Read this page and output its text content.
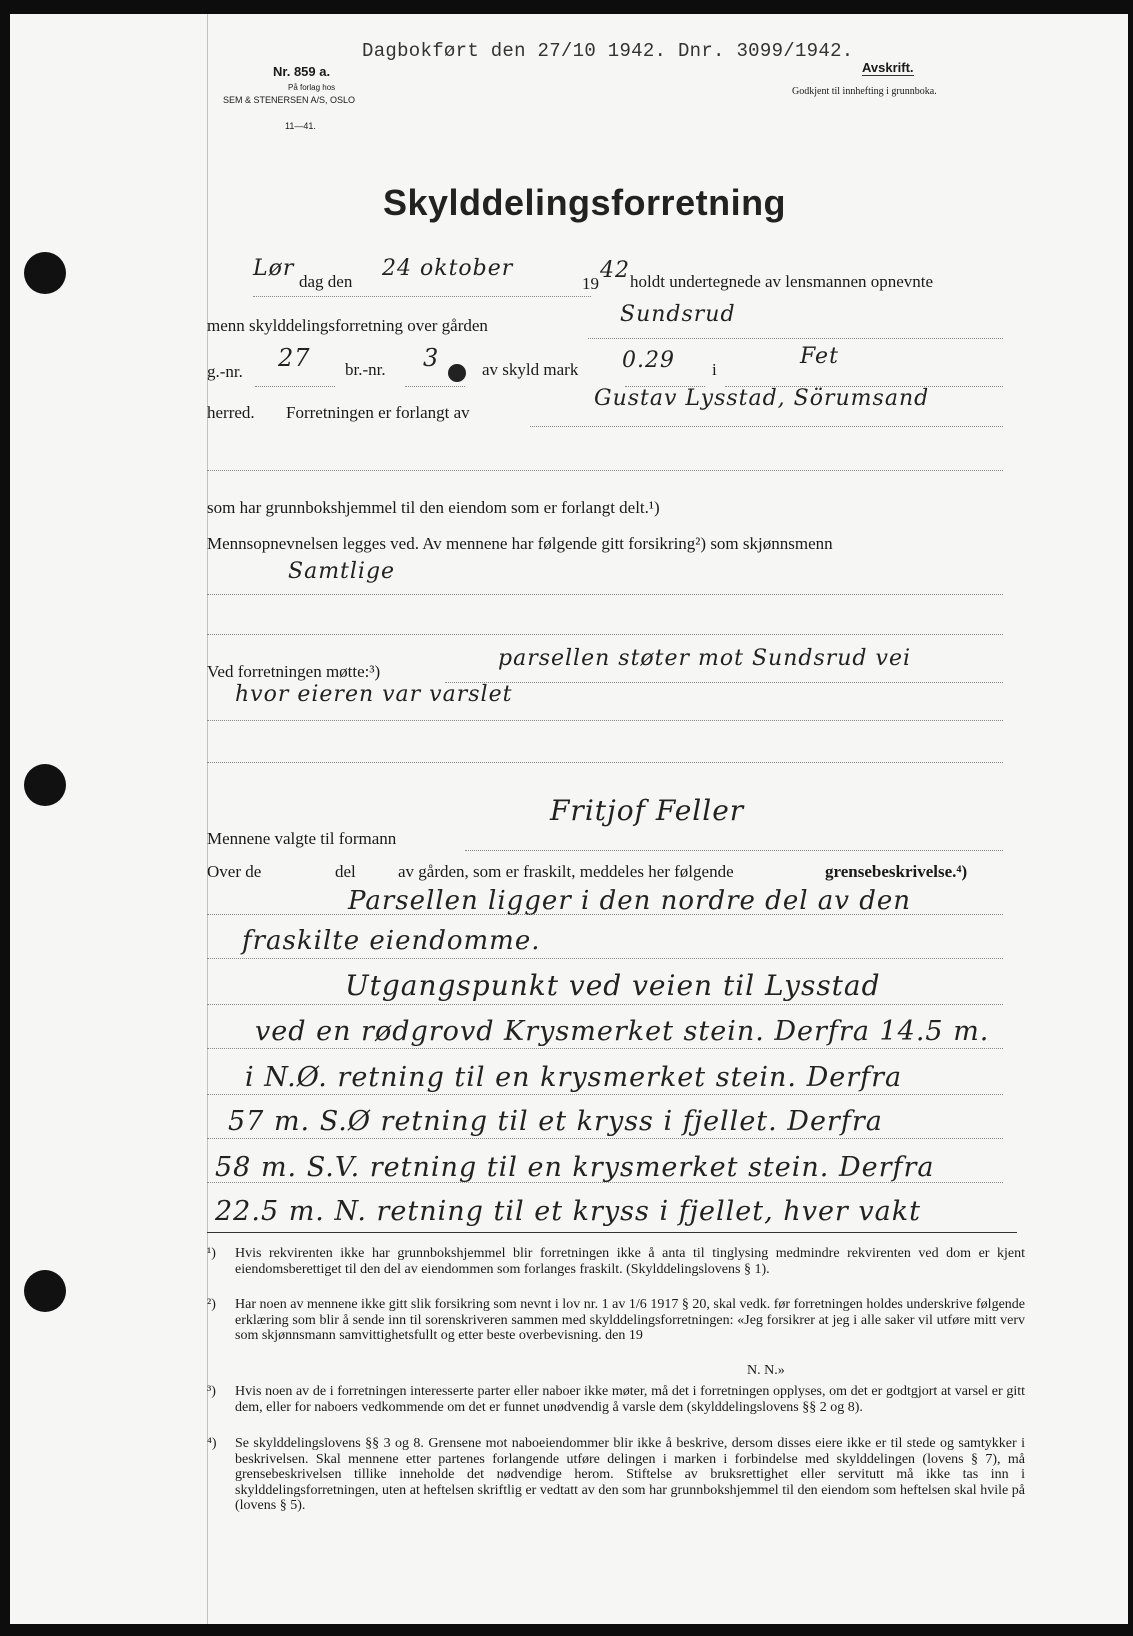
Dagbokført den 27/10 1942. Dnr. 3099/1942.
Nr. 859 a.
På forlag hos
SEM & STENERSEN A/S, OSLO
11—41.
Avskrift.
Godkjent til innhefting i grunnboka.
Skylddelingsforretning
Lør
dag den
24 oktober
19
42 holdt undertegnede av lensmannen opnevnte
menn skylddelingsforretning over gården	Sundsrud
g.-nr. 27 br.-nr. 3	av skyld mark 0.29 i
Fet
herred. Forretningen er forlangt av
Gustav Lysstad, Sörumsand
som har grunnbokshjemmel til den eiendom som er forlangt delt.¹)
Mennsopnevnelsen legges ved. Av mennene har følgende gitt forsikring²) som skjønnsmenn
Samtlige
Ved forretningen møtte:³)
parsellen støter mot Sundsrud vei
hvor eieren var varslet
Mennene valgte til formann
Fritjof Feller
Over de	del av gården, som er fraskilt, meddeles her følgende	grensebeskrivelse.⁴)
Parsellen ligger i den nordre del av den
fraskilte eiendomme.
Utgangspunkt ved veien til Lysstad
ved en rødgrovd Krysmerket stein. Derfra 14.5 m.
i N.Ø. retning til en krysmerket stein. Derfra
57 m. S.Ø retning til et kryss i fjellet. Derfra
58 m. S.V. retning til en krysmerket stein. Derfra
22.5 m. N. retning til et kryss i fjellet, hver vakt
¹) Hvis rekvirenten ikke har grunnbokshjemmel blir forretningen ikke å anta til tinglysing medmindre rekvirenten ved dom er kjent eiendomsberettiget til den del av eiendommen som forlanges fraskilt. (Skylddelingslovens § 1).
²) Har noen av mennene ikke gitt slik forsikring som nevnt i lov nr. 1 av 1/6 1917 § 20, skal vedk. før forretningen holdes underskrive følgende erklæring som blir å sende inn til sorenskriveren sammen med skylddelingsforretningen: «Jeg forsikrer at jeg i alle saker vil utføre mitt verv som skjønnsmann samvittighetsfullt og etter beste overbevisning. den 19
N. N.»
³) Hvis noen av de i forretningen interesserte parter eller naboer ikke møter, må det i forretningen opplyses, om det er godtgjort at varsel er gitt dem, eller for naboers vedkommende om det er funnet unødvendig å varsle dem (skylddelingslovens §§ 2 og 8).
⁴) Se skylddelingslovens §§ 3 og 8. Grensene mot naboeiendommer blir ikke å beskrive, dersom disses eiere ikke er til stede og samtykker i beskrivelsen. Skal mennene etter partenes forlangende utføre delingen i marken i forbindelse med skylddelingen (lovens § 7), må grensebeskrivelsen tillike inneholde det nødvendige herom. Stiftelse av bruksrettighet eller servitutt må ikke tas inn i skylddelingsforretningen, uten at heftelsen skriftlig er vedtatt av den som har grunnbokshjemmel til den eiendom som heftelsen skal hvile på (lovens § 5).
